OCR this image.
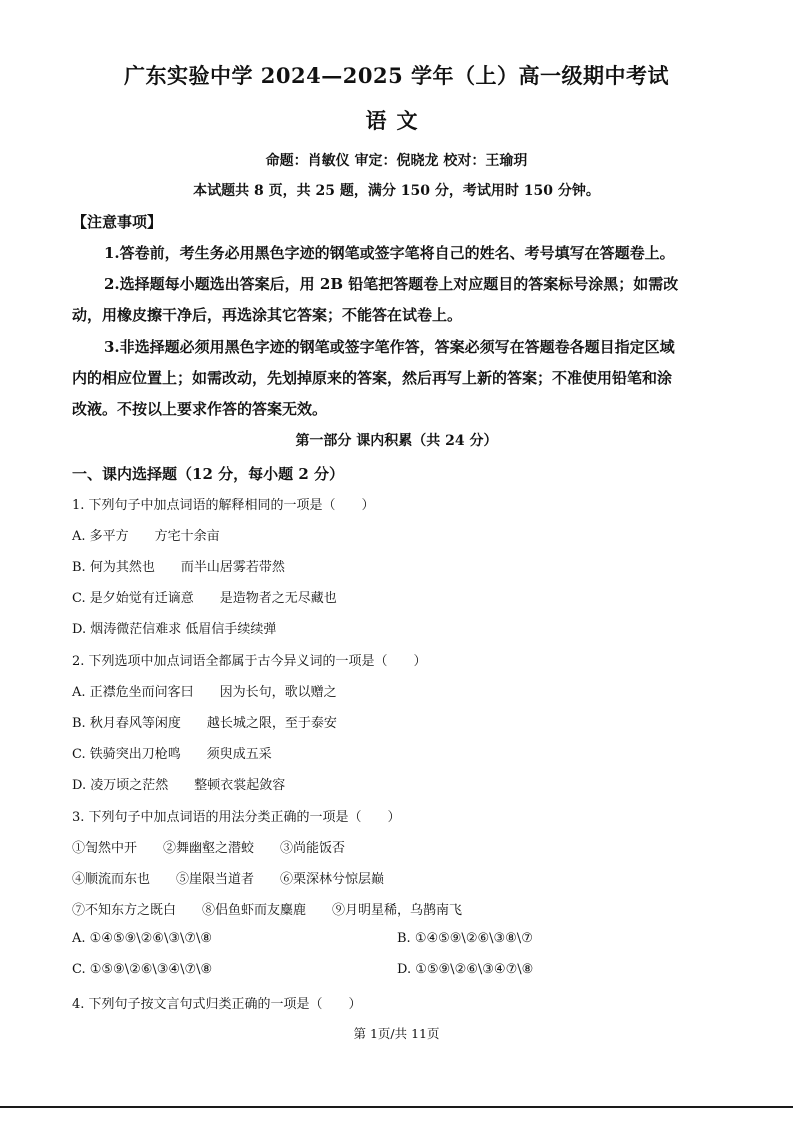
广东实验中学 2024—2025 学年（上）高一级期中考试
语文
命题：肖敏仪 审定：倪晓龙 校对：王瑜玥
本试题共 8 页，共 25 题，满分 150 分，考试用时 150 分钟。
【注意事项】
1.答卷前，考生务必用黑色字迹的钢笔或签字笔将自己的姓名、考号填写在答题卷上。
2.选择题每小题选出答案后，用 2B 铅笔把答题卷上对应题目的答案标号涂黑；如需改
动，用橡皮擦干净后，再选涂其它答案；不能答在试卷上。
3.非选择题必须用黑色字迹的钢笔或签字笔作答，答案必须写在答题卷各题目指定区域
内的相应位置上；如需改动，先划掉原来的答案，然后再写上新的答案；不准使用铅笔和涂
改液。不按以上要求作答的答案无效。
第一部分 课内积累（共 24 分）
一、课内选择题（12 分，每小题 2 分）
1. 下列句子中加点词语的解释相同的一项是（　　）
A. 多平方　　方宅十余亩
B. 何为其然也　　而半山居雾若带然
C. 是夕始觉有迁谪意　　是造物者之无尽藏也
D. 烟涛微茫信难求 低眉信手续续弹
2. 下列选项中加点词语全都属于古今异义词的一项是（　　）
A. 正襟危坐而问客曰　　因为长句，歌以赠之
B. 秋月春风等闲度　　越长城之限，至于泰安
C. 铁骑突出刀枪鸣　　须臾成五采
D. 凌万顷之茫然　　整顿衣裳起敛容
3. 下列句子中加点词语的用法分类正确的一项是（　　）
①訇然中开　　②舞幽壑之潜蛟　　③尚能饭否
④顺流而东也　　⑤崖限当道者　　⑥栗深林兮惊层巅
⑦不知东方之既白　　⑧侣鱼虾而友麋鹿　　⑨月明星稀，乌鹊南飞
A. ①④⑤⑨\②⑥\③\⑦\⑧	B. ①④⑤⑨\②⑥\③⑧\⑦
C. ①⑤⑨\②⑥\③④\⑦\⑧	D. ①⑤⑨\②⑥\③④⑦\⑧
4. 下列句子按文言句式归类正确的一项是（　　）
第 1页/共 11页
